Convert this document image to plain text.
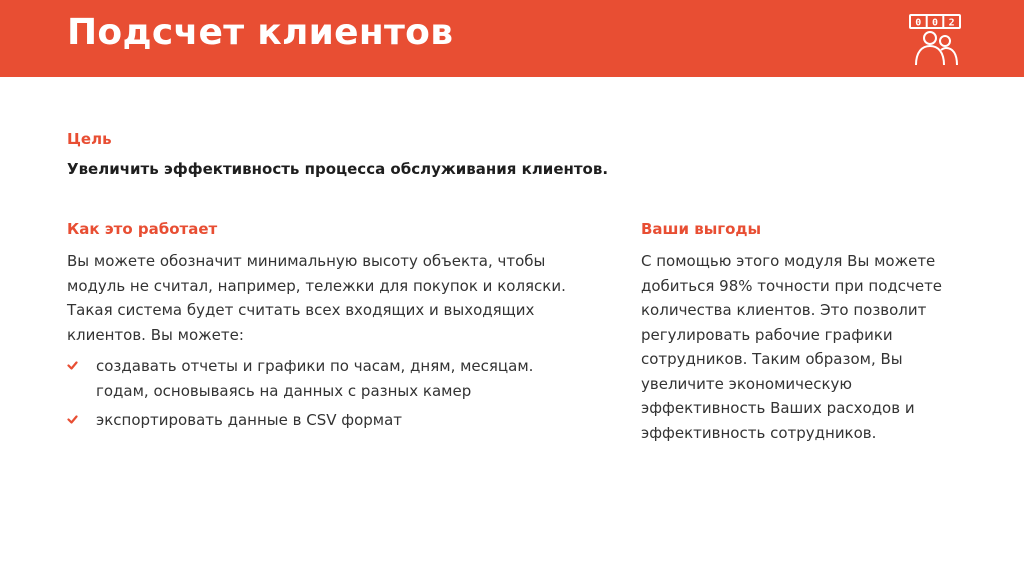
Подсчет клиентов	0 0 2
Цель
Увеличить эффективность процесса обслуживания клиентов.
Как это работает
Вы можете обозначит минимальную высоту объекта, чтобы модуль не считал, например, тележки для покупок и коляски. Такая система будет считать всех входящих и выходящих клиентов. Вы можете:
создавать отчеты и графики по часам, дням, месяцам. годам, основываясь на данных с разных камер
экспортировать данные в CSV формат
Ваши выгоды
С помощью этого модуля Вы можете добиться 98% точности при подсчете количества клиентов. Это позволит регулировать рабочие графики сотрудников. Таким образом, Вы увеличите экономическую эффективность Ваших расходов и эффективность сотрудников.
